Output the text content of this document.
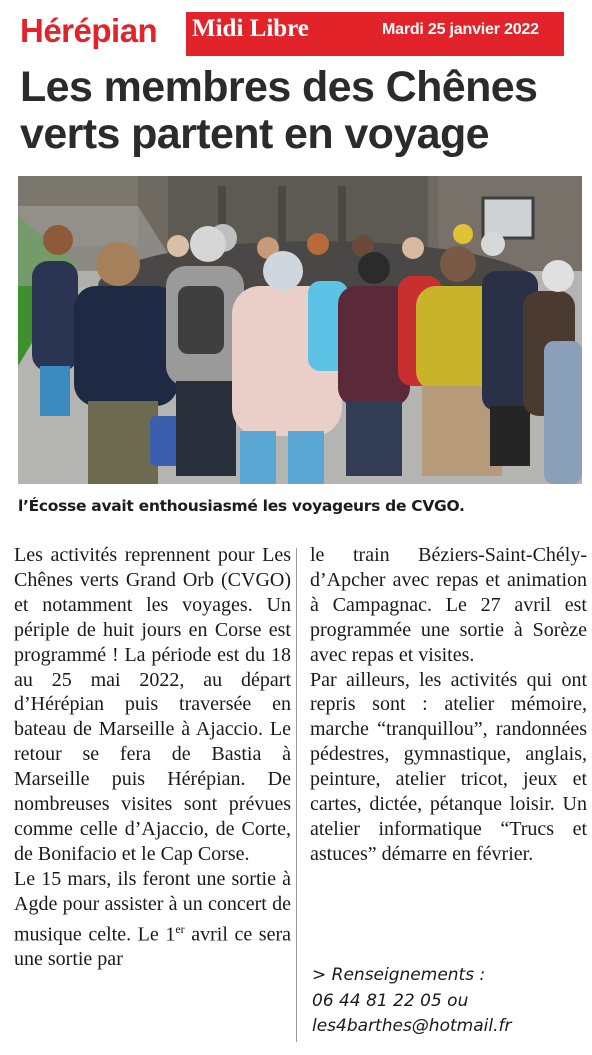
Hérépian Midi Libre	Mardi 25 janvier 2022
Les membres des Chênes
verts partent en voyage
l’Écosse avait enthousiasmé les voyageurs de CVGO.

Les activités reprennent pour Les Chênes verts Grand Orb (CVGO) et notamment les voyages. Un périple de huit jours en Corse est programmé ! La période est du 18 au 25 mai 2022, au départ d’Hérépian puis traversée en bateau de Marseille à Ajaccio. Le retour se fera de Bastia à Marseille puis Hérépian. De nombreuses visites sont prévues comme celle d’Ajaccio, de Corte, de Bonifacio et le Cap Corse.

Le 15 mars, ils feront une sortie à Agde pour assister à un concert de musique celte. Le 1er avril ce sera une sortie par

le train Béziers-Saint-Chély-d’Apcher avec repas et animation à Campagnac. Le 27 avril est programmée une sortie à Sorèze avec repas et visites.

Par ailleurs, les activités qui ont repris sont : atelier mémoire, marche “tranquillou”, randonnées pédestres, gymnastique, anglais, peinture, atelier tricot, jeux et cartes, dictée, pétanque loisir. Un atelier informatique “Trucs et astuces” démarre en février.

> Renseignements :
06 44 81 22 05 ou
les4barthes@hotmail.fr
